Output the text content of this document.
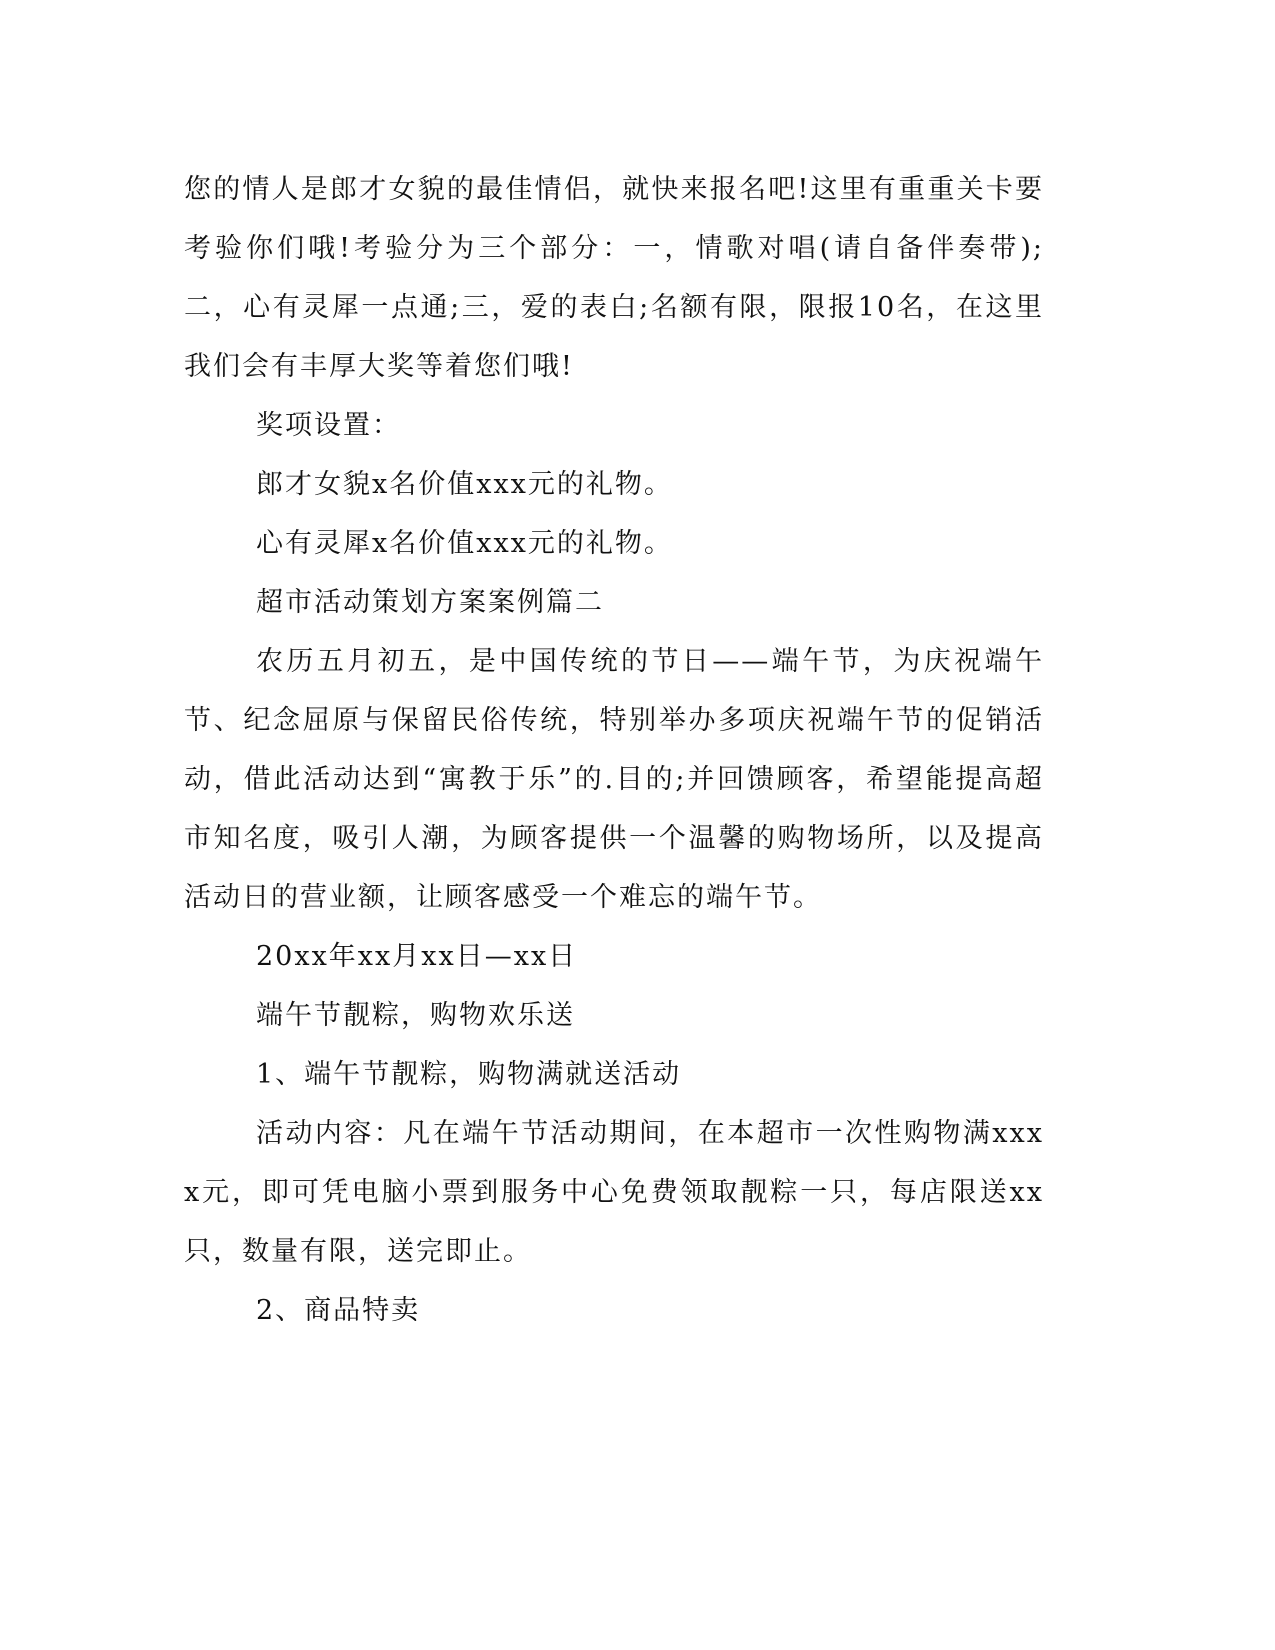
您的情人是郎才女貌的最佳情侣，就快来报名吧!这里有重重关卡要考验你们哦!考验分为三个部分：一，情歌对唱(请自备伴奏带);二，心有灵犀一点通;三，爱的表白;名额有限，限报10名，在这里我们会有丰厚大奖等着您们哦!

奖项设置：

郎才女貌x名价值xxx元的礼物。

心有灵犀x名价值xxx元的礼物。

超市活动策划方案案例篇二

农历五月初五，是中国传统的节日——端午节，为庆祝端午节、纪念屈原与保留民俗传统，特别举办多项庆祝端午节的促销活动，借此活动达到“寓教于乐”的.目的;并回馈顾客，希望能提高超市知名度，吸引人潮，为顾客提供一个温馨的购物场所，以及提高活动日的营业额，让顾客感受一个难忘的端午节。

20xx年xx月xx日—xx日

端午节靓粽，购物欢乐送

1、端午节靓粽，购物满就送活动

活动内容：凡在端午节活动期间，在本超市一次性购物满xxxx元，即可凭电脑小票到服务中心免费领取靓粽一只，每店限送xx只，数量有限，送完即止。

2、商品特卖
